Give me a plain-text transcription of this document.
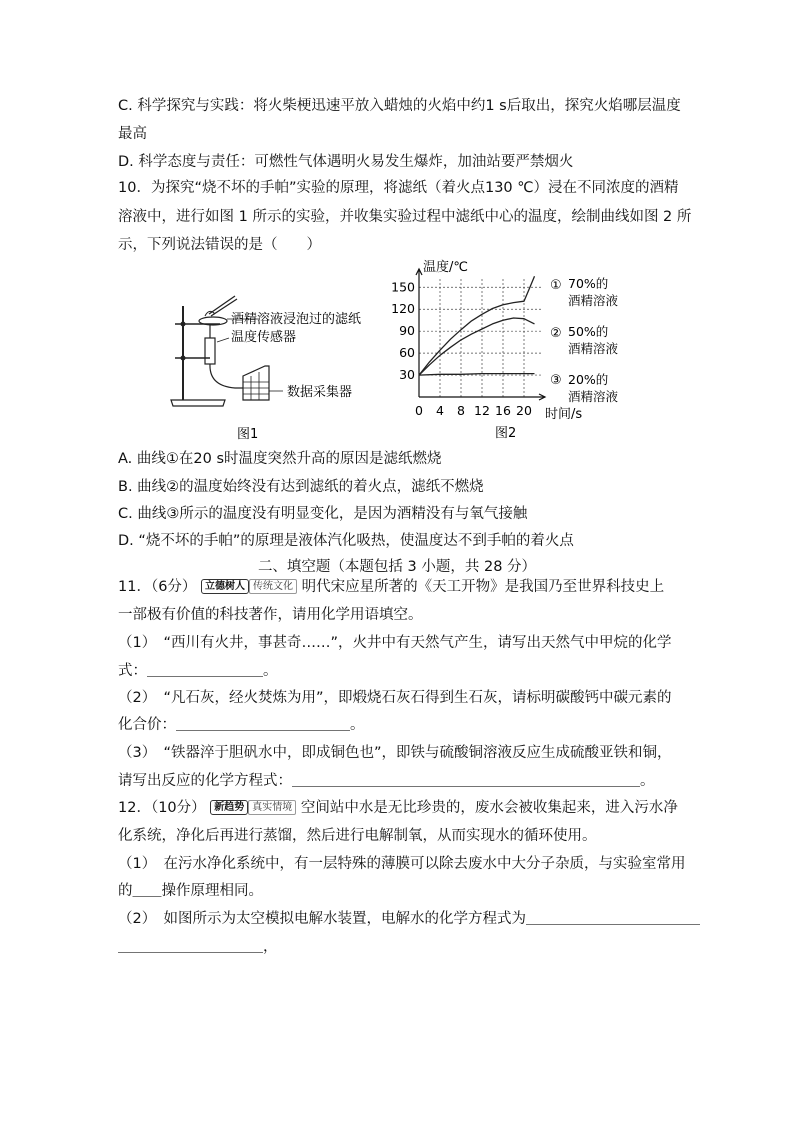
C. 科学探究与实践：将火柴梗迅速平放入蜡烛的火焰中约1 s后取出，探究火焰哪层温度
最高
D. 科学态度与责任：可燃性气体遇明火易发生爆炸，加油站要严禁烟火
10．为探究“烧不坏的手帕”实验的原理，将滤纸（着火点130 ℃）浸在不同浓度的酒精
溶液中，进行如图 1 所示的实验，并收集实验过程中滤纸中心的温度，绘制曲线如图 2 所
示，下列说法错误的是（　　）
酒精溶液浸泡过的滤纸
温度传感器
数据采集器
图1
30
60
90
120
150
0 4 8 12 16 20
温度/℃
时间/s
① 70%的
酒精溶液
② 50%的
酒精溶液
③ 20%的
酒精溶液
图2
A. 曲线①在20 s时温度突然升高的原因是滤纸燃烧
B. 曲线②的温度始终没有达到滤纸的着火点，滤纸不燃烧
C. 曲线③所示的温度没有明显变化，是因为酒精没有与氧气接触
D. “烧不坏的手帕”的原理是液体汽化吸热，使温度达不到手帕的着火点
二、填空题（本题包括 3 小题，共 28 分）
11．（6分） 立德树人 传统文化 明代宋应星所著的《天工开物》是我国乃至世界科技史上
一部极有价值的科技著作，请用化学用语填空。
（1）　“西川有火井，事甚奇……”，火井中有天然气产生，请写出天然气中甲烷的化学
式：＿＿＿＿＿＿＿＿。
（2）　“凡石灰，经火焚炼为用”，即煅烧石灰石得到生石灰，请标明碳酸钙中碳元素的
化合价：＿＿＿＿＿＿＿＿＿＿＿＿。
（3）　“铁器淬于胆矾水中，即成铜色也”，即铁与硫酸铜溶液反应生成硫酸亚铁和铜，
请写出反应的化学方程式：＿＿＿＿＿＿＿＿＿＿＿＿＿＿＿＿＿＿＿＿＿＿＿＿。
12．（10分） 新趋势 真实情境 空间站中水是无比珍贵的，废水会被收集起来，进入污水净
化系统，净化后再进行蒸馏，然后进行电解制氧，从而实现水的循环使用。
（1）　在污水净化系统中，有一层特殊的薄膜可以除去废水中大分子杂质，与实验室常用
的＿＿操作原理相同。
（2）　如图所示为太空模拟电解水装置，电解水的化学方程式为＿＿＿＿＿＿＿＿＿＿＿＿
＿＿＿＿＿＿＿＿＿＿，
